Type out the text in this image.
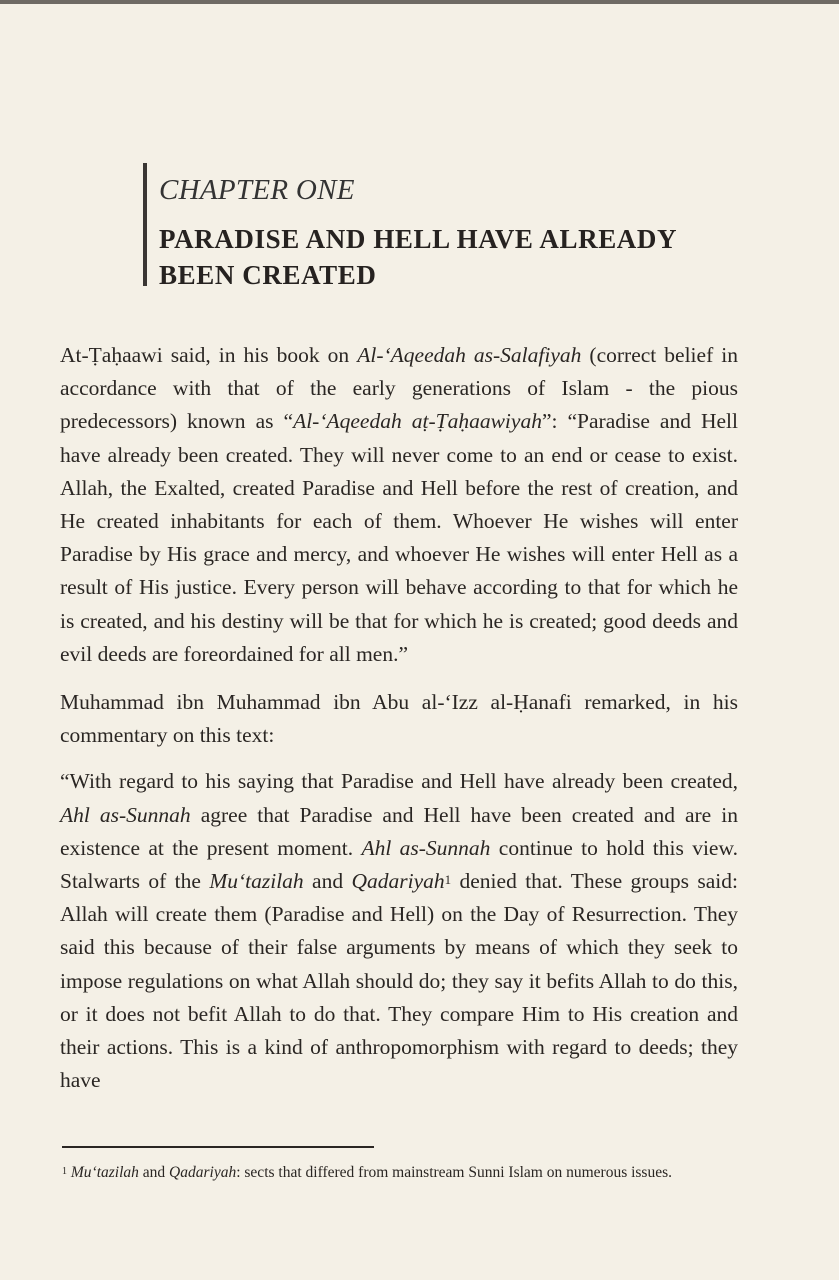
CHAPTER ONE
PARADISE AND HELL HAVE ALREADY BEEN CREATED

At-Ṭaḥaawi said, in his book on Al-‘Aqeedah as-Salafiyah (correct belief in accordance with that of the early generations of Islam - the pious predecessors) known as “Al-‘Aqeedah aṭ-Ṭaḥaawiyah”: “Paradise and Hell have already been created. They will never come to an end or cease to exist. Allah, the Exalted, created Paradise and Hell before the rest of creation, and He created inhabitants for each of them. Whoever He wishes will enter Paradise by His grace and mercy, and whoever He wishes will enter Hell as a result of His justice. Every person will behave according to that for which he is created, and his destiny will be that for which he is created; good deeds and evil deeds are foreordained for all men.”

Muhammad ibn Muhammad ibn Abu al-‘Izz al-Ḥanafi remarked, in his commentary on this text:

“With regard to his saying that Paradise and Hell have already been created, Ahl as-Sunnah agree that Paradise and Hell have been created and are in existence at the present moment. Ahl as-Sunnah continue to hold this view. Stalwarts of the Mu‘tazilah and Qadariyah$^1$ denied that. These groups said: Allah will create them (Paradise and Hell) on the Day of Resurrection. They said this because of their false arguments by means of which they seek to impose regulations on what Allah should do; they say it befits Allah to do this, or it does not befit Allah to do that. They compare Him to His creation and their actions. This is a kind of anthropomorphism with regard to deeds; they have

$^1$ Mu‘tazilah and Qadariyah: sects that differed from mainstream Sunni Islam on numerous issues.
